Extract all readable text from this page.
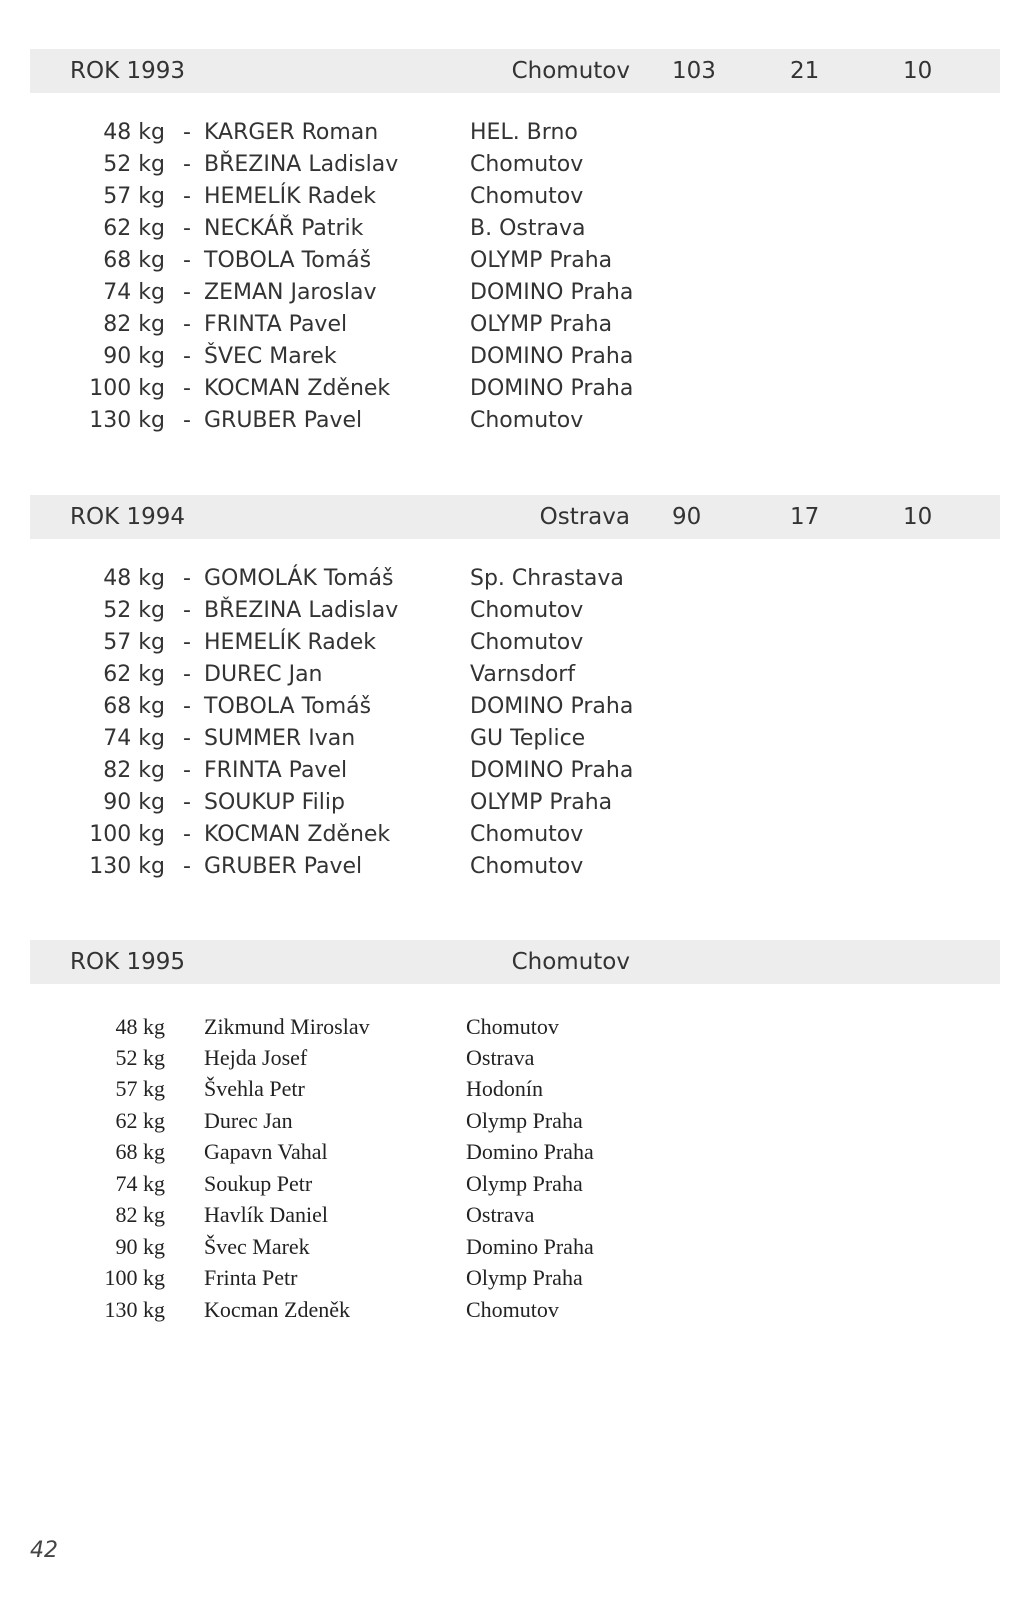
ROK 1993	Chomutov 103	21	10
48 kg - KARGER Roman	HEL. Brno
52 kg - BŘEZINA Ladislav	Chomutov
57 kg - HEMELÍK Radek	Chomutov
62 kg - NECKÁŘ Patrik	B. Ostrava
68 kg - TOBOLA Tomáš	OLYMP Praha
74 kg - ZEMAN Jaroslav	DOMINO Praha
82 kg - FRINTA Pavel	OLYMP Praha
90 kg - ŠVEC Marek	DOMINO Praha
100 kg - KOCMAN Zděnek	DOMINO Praha
130 kg - GRUBER Pavel	Chomutov
ROK 1994	Ostrava 90	17	10
48 kg - GOMOLÁK Tomáš	Sp. Chrastava
52 kg - BŘEZINA Ladislav	Chomutov
57 kg - HEMELÍK Radek	Chomutov
62 kg - DUREC Jan	Varnsdorf
68 kg - TOBOLA Tomáš	DOMINO Praha
74 kg - SUMMER Ivan	GU Teplice
82 kg - FRINTA Pavel	DOMINO Praha
90 kg - SOUKUP Filip	OLYMP Praha
100 kg - KOCMAN Zděnek	Chomutov
130 kg - GRUBER Pavel	Chomutov
ROK 1995	Chomutov
48 kg Zikmund Miroslav	Chomutov
52 kg Hejda Josef	Ostrava
57 kg Švehla Petr	Hodonín
62 kg Durec Jan	Olymp Praha
68 kg Gapavn Vahal	Domino Praha
74 kg Soukup Petr	Olymp Praha
82 kg Havlík Daniel	Ostrava
90 kg Švec Marek	Domino Praha
100 kg Frinta Petr	Olymp Praha
130 kg Kocman Zdeněk	Chomutov
42
